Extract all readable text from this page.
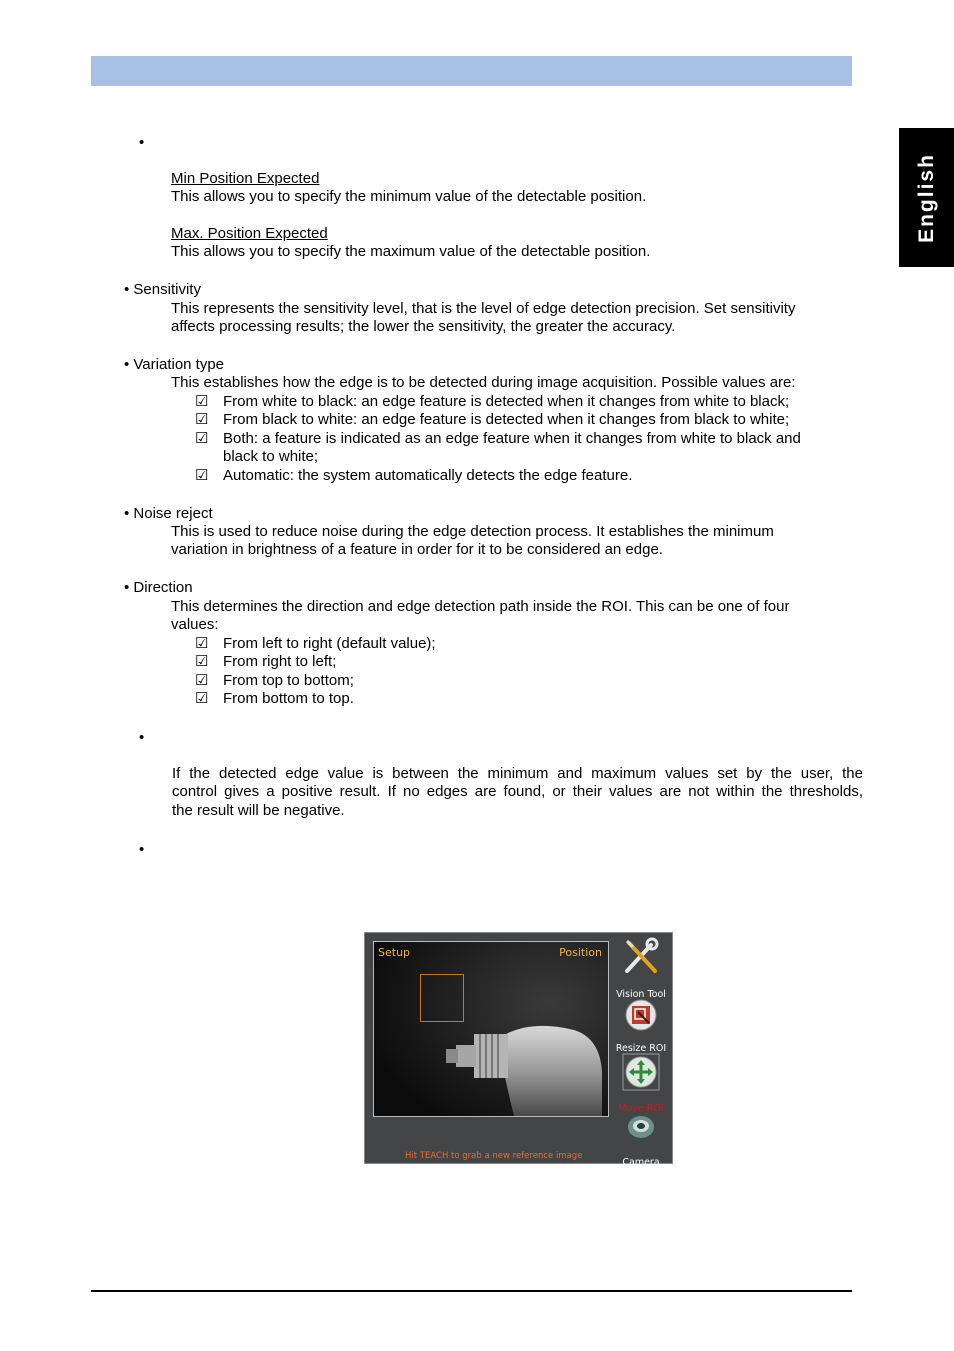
English
•
Min Position Expected
This allows you to specify the minimum value of the detectable position.
Max. Position Expected
This allows you to specify the maximum value of the detectable position.
• Sensitivity
This represents the sensitivity level, that is the level of edge detection precision. Set sensitivity
affects processing results; the lower the sensitivity, the greater the accuracy.
• Variation type
This establishes how the edge is to be detected during image acquisition. Possible values are:
☑ From white to black: an edge feature is detected when it changes from white to black;
☑ From black to white: an edge feature is detected when it changes from black to white;
☑ Both: a feature is indicated as an edge feature when it changes from white to black and
black to white;
☑ Automatic: the system automatically detects the edge feature.
• Noise reject
This is used to reduce noise during the edge detection process. It establishes the minimum
variation in brightness of a feature in order for it to be considered an edge.
• Direction
This determines the direction and edge detection path inside the ROI. This can be one of four
values:
☑ From left to right (default value);
☑ From right to left;
☑ From top to bottom;
☑ From bottom to top.
•
If the detected edge value is between the minimum and maximum values set by the user, the
control gives a positive result. If no edges are found, or their values are not within the thresholds,
the result will be negative.
•
Setup	Position
Vision Tool
Resize ROI
Move ROI
Camera
Hit TEACH to grab a new reference image
